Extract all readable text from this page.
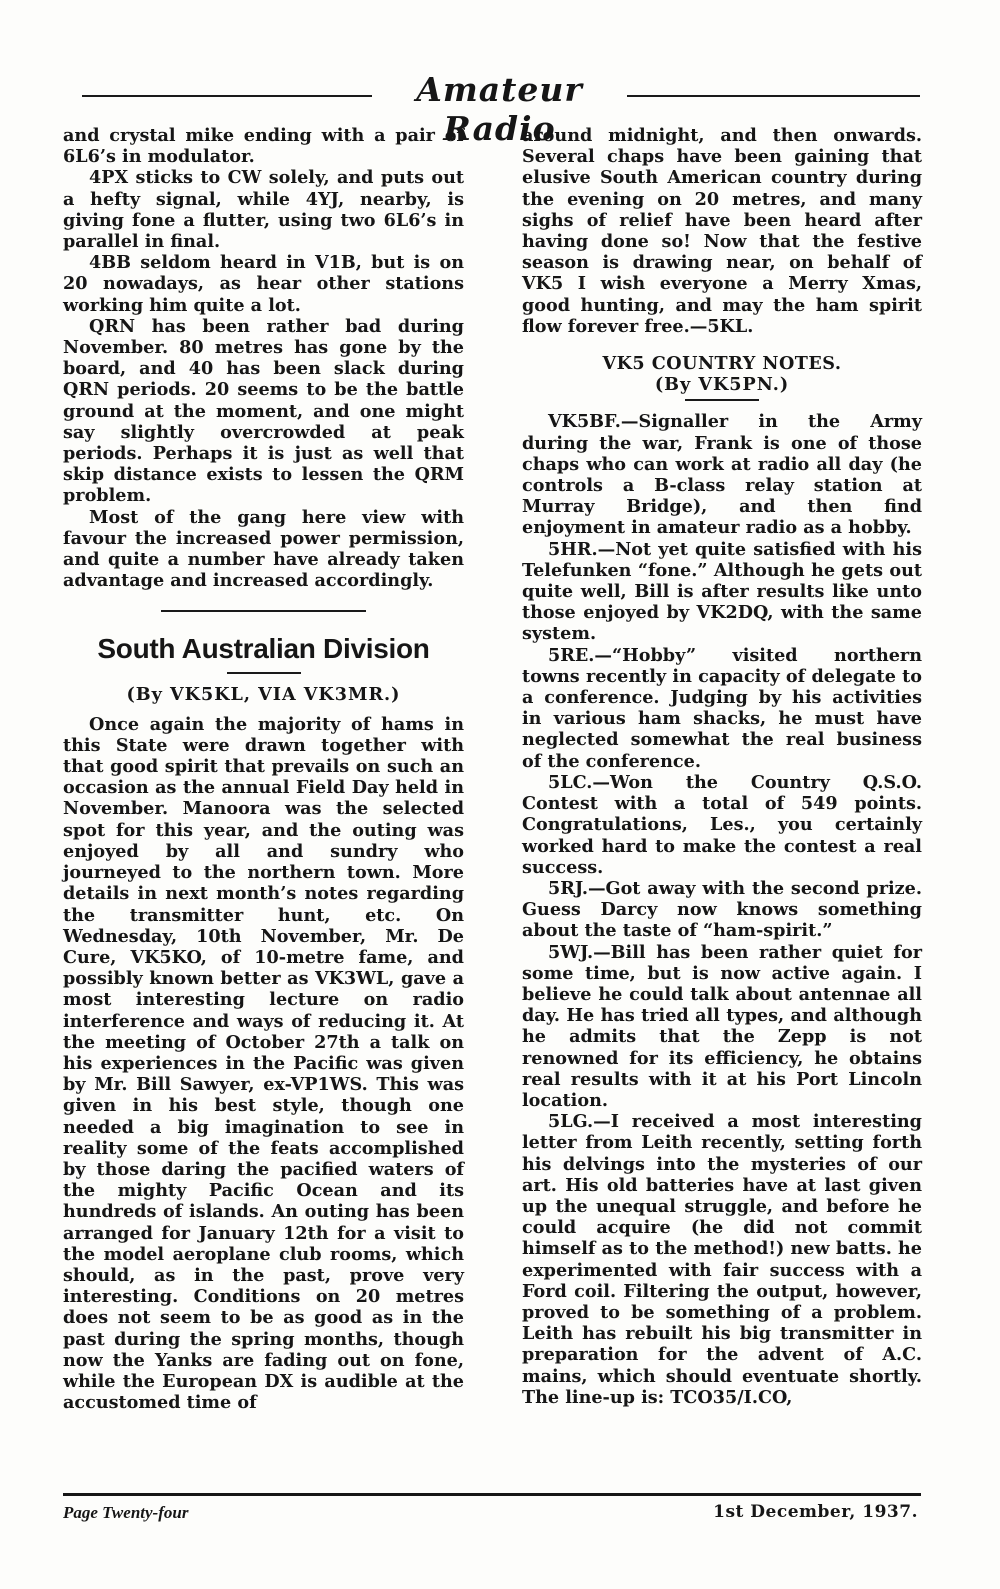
Amateur Radio

and crystal mike ending with a pair of 6L6’s in modulator.

4PX sticks to CW solely, and puts out a hefty signal, while 4YJ, nearby, is giving fone a flutter, using two 6L6’s in parallel in final.

4BB seldom heard in V1B, but is on 20 nowadays, as hear other stations working him quite a lot.

QRN has been rather bad during November. 80 metres has gone by the board, and 40 has been slack during QRN periods. 20 seems to be the battle ground at the moment, and one might say slightly overcrowded at peak periods. Perhaps it is just as well that skip distance exists to lessen the QRM problem.

Most of the gang here view with favour the increased power permission, and quite a number have already taken advantage and increased accordingly.

South Australian Division
(By VK5KL, VIA VK3MR.)

Once again the majority of hams in this State were drawn together with that good spirit that prevails on such an occasion as the annual Field Day held in November. Manoora was the selected spot for this year, and the outing was enjoyed by all and sundry who journeyed to the northern town. More details in next month’s notes regarding the transmitter hunt, etc. On Wednesday, 10th November, Mr. De Cure, VK5KO, of 10-metre fame, and possibly known better as VK3WL, gave a most interesting lecture on radio interference and ways of reducing it. At the meeting of October 27th a talk on his experiences in the Pacific was given by Mr. Bill Sawyer, ex-VP1WS. This was given in his best style, though one needed a big imagination to see in reality some of the feats accomplished by those daring the pacified waters of the mighty Pacific Ocean and its hundreds of islands. An outing has been arranged for January 12th for a visit to the model aeroplane club rooms, which should, as in the past, prove very interesting. Conditions on 20 metres does not seem to be as good as in the past during the spring months, though now the Yanks are fading out on fone, while the European DX is audible at the accustomed time of

around midnight, and then onwards. Several chaps have been gaining that elusive South American country during the evening on 20 metres, and many sighs of relief have been heard after having done so! Now that the festive season is drawing near, on behalf of VK5 I wish everyone a Merry Xmas, good hunting, and may the ham spirit flow forever free.—5KL.

VK5 COUNTRY NOTES.
(By VK5PN.)

VK5BF.—Signaller in the Army during the war, Frank is one of those chaps who can work at radio all day (he controls a B-class relay station at Murray Bridge), and then find enjoyment in amateur radio as a hobby.

5HR.—Not yet quite satisfied with his Telefunken “fone.” Although he gets out quite well, Bill is after results like unto those enjoyed by VK2DQ, with the same system.

5RE.—“Hobby” visited northern towns recently in capacity of delegate to a conference. Judging by his activities in various ham shacks, he must have neglected somewhat the real business of the conference.

5LC.—Won the Country Q.S.O. Contest with a total of 549 points. Congratulations, Les., you certainly worked hard to make the contest a real success.

5RJ.—Got away with the second prize. Guess Darcy now knows something about the taste of “ham-spirit.”

5WJ.—Bill has been rather quiet for some time, but is now active again. I believe he could talk about antennae all day. He has tried all types, and although he admits that the Zepp is not renowned for its efficiency, he obtains real results with it at his Port Lincoln location.

5LG.—I received a most interesting letter from Leith recently, setting forth his delvings into the mysteries of our art. His old batteries have at last given up the unequal struggle, and before he could acquire (he did not commit himself as to the method!) new batts. he experimented with fair success with a Ford coil. Filtering the output, however, proved to be something of a problem. Leith has rebuilt his big transmitter in preparation for the advent of A.C. mains, which should eventuate shortly. The line-up is: TCO35/I.CO,

Page Twenty-four	1st December, 1937.
